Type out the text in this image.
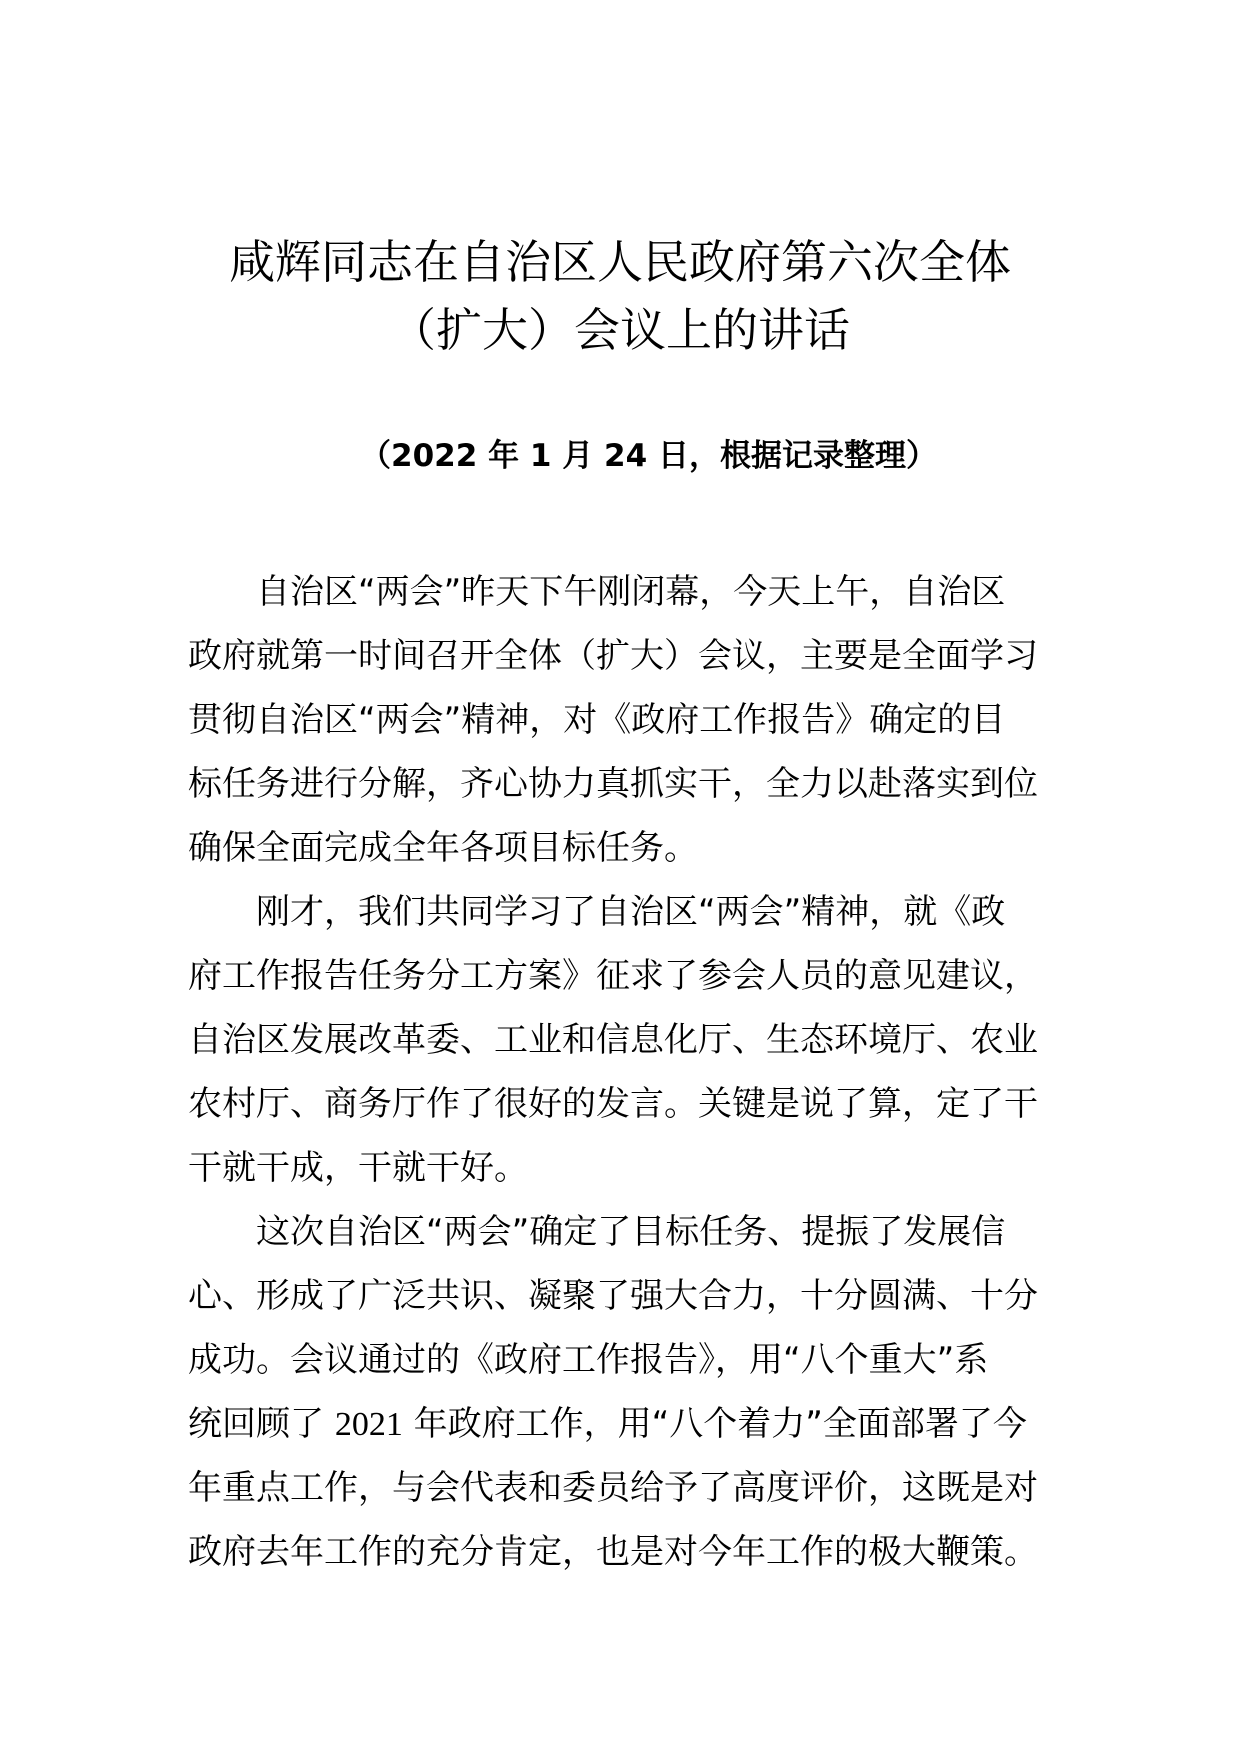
咸辉同志在自治区人民政府第六次全体
（扩大）会议上的讲话
（2022 年 1 月 24 日，根据记录整理）
自治区“两会”昨天下午刚闭幕，今天上午，自治区
政府就第一时间召开全体（扩大）会议，主要是全面学习
贯彻自治区“两会”精神，对《政府工作报告》确定的目
标任务进行分解，齐心协力真抓实干，全力以赴落实到位
确保全面完成全年各项目标任务。
刚才，我们共同学习了自治区“两会”精神，就《政
府工作报告任务分工方案》征求了参会人员的意见建议，
自治区发展改革委、工业和信息化厅、生态环境厅、农业
农村厅、商务厅作了很好的发言。关键是说了算，定了干
干就干成，干就干好。
这次自治区“两会”确定了目标任务、提振了发展信
心、形成了广泛共识、凝聚了强大合力，十分圆满、十分
成功。会议通过的《政府工作报告》，用“八个重大”系
统回顾了 2021 年政府工作，用“八个着力”全面部署了今
年重点工作，与会代表和委员给予了高度评价，这既是对
政府去年工作的充分肯定，也是对今年工作的极大鞭策。
